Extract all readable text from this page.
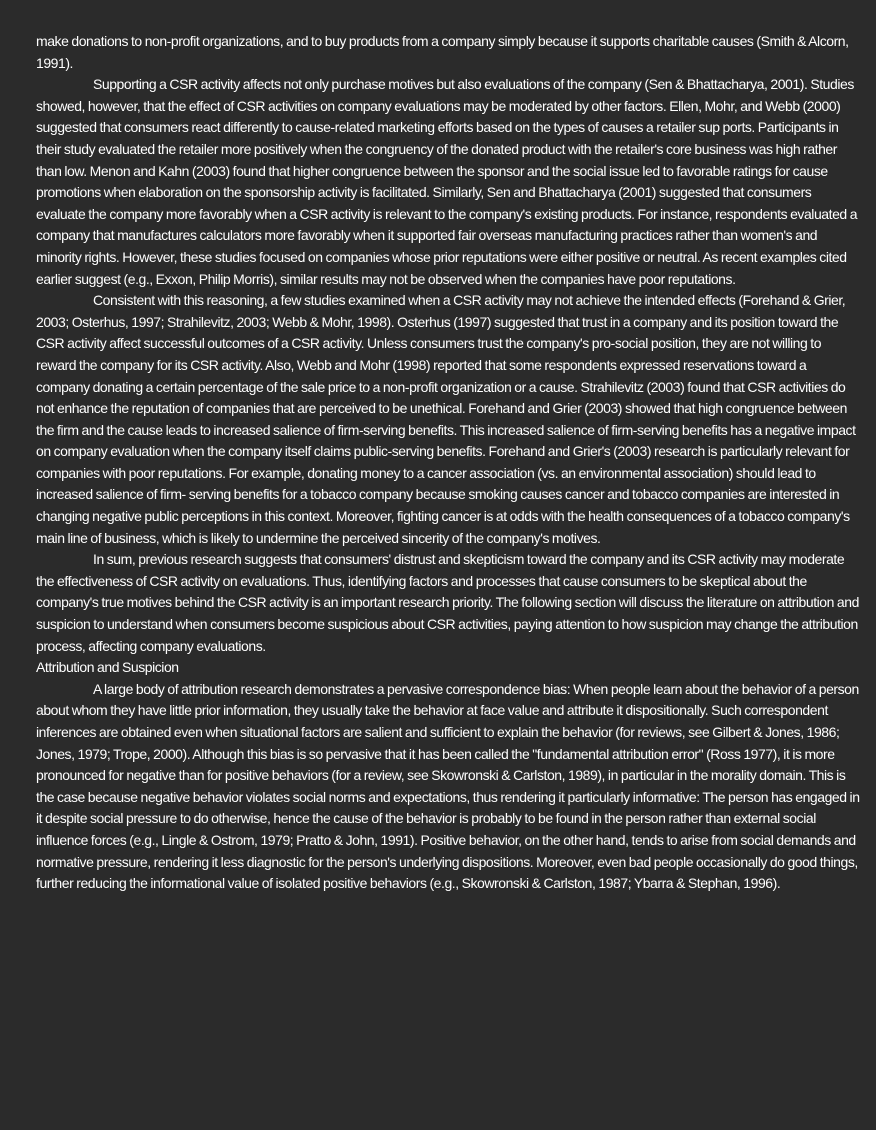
make donations to non-profit organizations, and to buy products from a company simply because it supports charitable causes (Smith & Alcorn, 1991).

Supporting a CSR activity affects not only purchase motives but also evaluations of the company (Sen & Bhattacharya, 2001). Studies showed, however, that the effect of CSR activities on company evaluations may be moderated by other factors. Ellen, Mohr, and Webb (2000) suggested that consumers react differently to cause-related marketing efforts based on the types of causes a retailer sup ports. Participants in their study evaluated the retailer more positively when the congruency of the donated product with the retailer's core business was high rather than low. Menon and Kahn (2003) found that higher congruence between the sponsor and the social issue led to favorable ratings for cause promotions when elaboration on the sponsorship activity is facilitated. Similarly, Sen and Bhattacharya (2001) suggested that consumers evaluate the company more favorably when a CSR activity is relevant to the company's existing products. For instance, respondents evaluated a company that manufactures calculators more favorably when it supported fair overseas manufacturing practices rather than women's and minority rights. However, these studies focused on companies whose prior reputations were either positive or neutral. As recent examples cited earlier suggest (e.g., Exxon, Philip Morris), similar results may not be observed when the companies have poor reputations.

Consistent with this reasoning, a few studies examined when a CSR activity may not achieve the intended effects (Forehand & Grier, 2003; Osterhus, 1997; Strahilevitz, 2003; Webb & Mohr, 1998). Osterhus (1997) suggested that trust in a company and its position toward the CSR activity affect successful outcomes of a CSR activity. Unless consumers trust the company's pro-social position, they are not willing to reward the company for its CSR activity. Also, Webb and Mohr (1998) reported that some respondents expressed reservations toward a company donating a certain percentage of the sale price to a non-profit organization or a cause. Strahilevitz (2003) found that CSR activities do not enhance the reputation of companies that are perceived to be unethical. Forehand and Grier (2003) showed that high congruence between the firm and the cause leads to increased salience of firm-serving benefits. This increased salience of firm-serving benefits has a negative impact on company evaluation when the company itself claims public-serving benefits. Forehand and Grier's (2003) research is particularly relevant for companies with poor reputations. For example, donating money to a cancer association (vs. an environmental association) should lead to increased salience of firm- serving benefits for a tobacco company because smoking causes cancer and tobacco companies are interested in changing negative public perceptions in this context. Moreover, fighting cancer is at odds with the health consequences of a tobacco company's main line of business, which is likely to undermine the perceived sincerity of the company's motives.

In sum, previous research suggests that consumers' distrust and skepticism toward the company and its CSR activity may moderate the effectiveness of CSR activity on evaluations. Thus, identifying factors and processes that cause consumers to be skeptical about the company's true motives behind the CSR activity is an important research priority. The following section will discuss the literature on attribution and suspicion to understand when consumers become suspicious about CSR activities, paying attention to how suspicion may change the attribution process, affecting company evaluations.

Attribution and Suspicion

A large body of attribution research demonstrates a pervasive correspondence bias: When people learn about the behavior of a person about whom they have little prior information, they usually take the behavior at face value and attribute it dispositionally. Such correspondent inferences are obtained even when situational factors are salient and sufficient to explain the behavior (for reviews, see Gilbert & Jones, 1986; Jones, 1979; Trope, 2000). Although this bias is so pervasive that it has been called the "fundamental attribution error" (Ross 1977), it is more pronounced for negative than for positive behaviors (for a review, see Skowronski & Carlston, 1989), in particular in the morality domain. This is the case because negative behavior violates social norms and expectations, thus rendering it particularly informative: The person has engaged in it despite social pressure to do otherwise, hence the cause of the behavior is probably to be found in the person rather than external social influence forces (e.g., Lingle & Ostrom, 1979; Pratto & John, 1991). Positive behavior, on the other hand, tends to arise from social demands and normative pressure, rendering it less diagnostic for the person's underlying dispositions. Moreover, even bad people occasionally do good things, further reducing the informational value of isolated positive behaviors (e.g., Skowronski & Carlston, 1987; Ybarra & Stephan, 1996).
